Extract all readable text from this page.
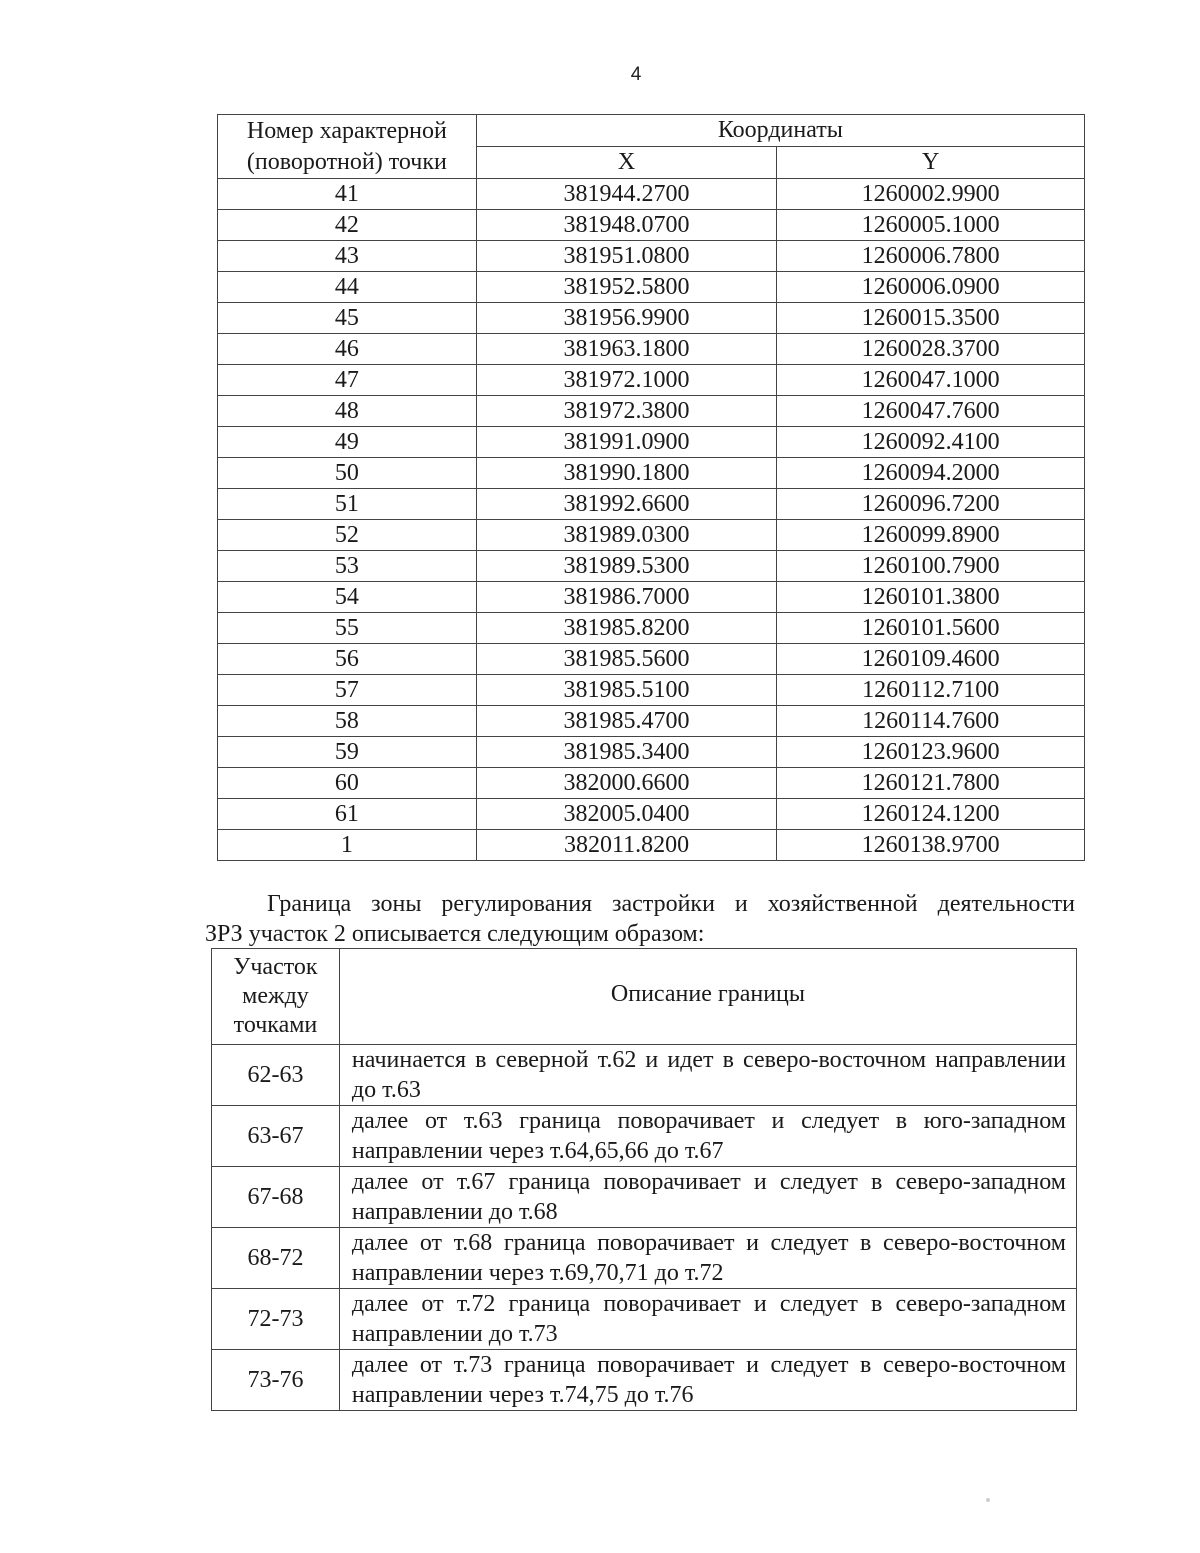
4
Номер характерной (поворотной) точки	Координаты	
	X	Y
41	381944.2700	1260002.9900
42	381948.0700	1260005.1000
43	381951.0800	1260006.7800
44	381952.5800	1260006.0900
45	381956.9900	1260015.3500
46	381963.1800	1260028.3700
47	381972.1000	1260047.1000
48	381972.3800	1260047.7600
49	381991.0900	1260092.4100
50	381990.1800	1260094.2000
51	381992.6600	1260096.7200
52	381989.0300	1260099.8900
53	381989.5300	1260100.7900
54	381986.7000	1260101.3800
55	381985.8200	1260101.5600
56	381985.5600	1260109.4600
57	381985.5100	1260112.7100
58	381985.4700	1260114.7600
59	381985.3400	1260123.9600
60	382000.6600	1260121.7800
61	382005.0400	1260124.1200
1	382011.8200	1260138.9700
Граница зоны регулирования застройки и хозяйственной деятельности
ЗРЗ участок 2 описывается следующим образом:
Участок между точками	Описание границы
62-63	начинается в северной т.62 и идет в северо-восточном направлении до т.63
63-67	далее от т.63 граница поворачивает и следует в юго-западном направлении через т.64,65,66 до т.67
67-68	далее от т.67 граница поворачивает и следует в северо-западном направлении до т.68
68-72	далее от т.68 граница поворачивает и следует в северо-восточном направлении через т.69,70,71 до т.72
72-73	далее от т.72 граница поворачивает и следует в северо-западном направлении до т.73
73-76	далее от т.73 граница поворачивает и следует в северо-восточном направлении через т.74,75 до т.76
